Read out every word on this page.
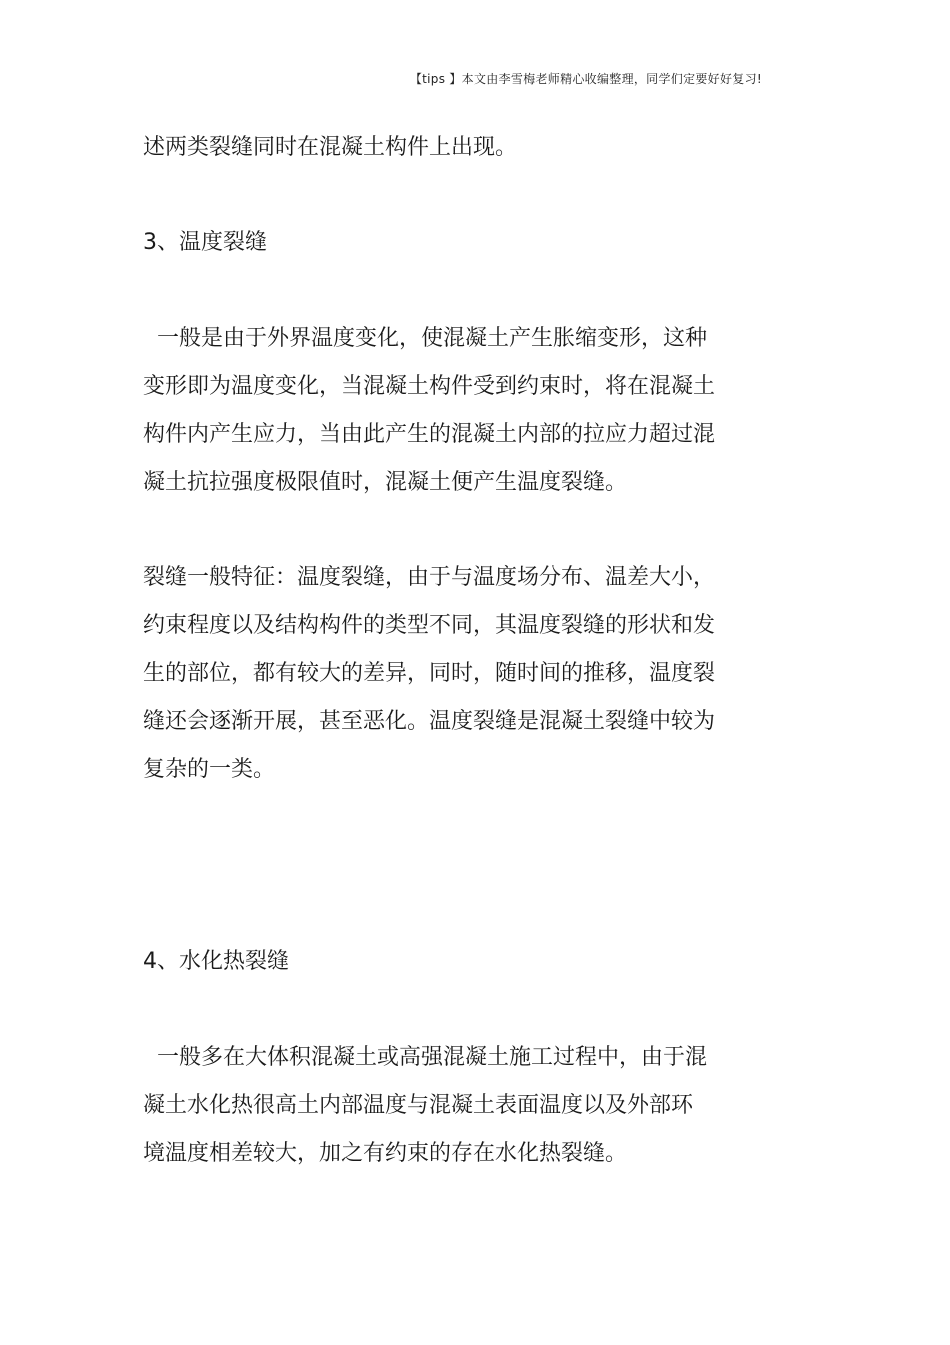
【tips 】本文由李雪梅老师精心收编整理，同学们定要好好复习!
述两类裂缝同时在混凝土构件上出现。
3、温度裂缝
一般是由于外界温度变化，使混凝土产生胀缩变形，这种
变形即为温度变化，当混凝土构件受到约束时，将在混凝土
构件内产生应力，当由此产生的混凝土内部的拉应力超过混
凝土抗拉强度极限值时，混凝土便产生温度裂缝。
裂缝一般特征：温度裂缝，由于与温度场分布、温差大小，
约束程度以及结构构件的类型不同，其温度裂缝的形状和发
生的部位，都有较大的差异，同时，随时间的推移，温度裂
缝还会逐渐开展，甚至恶化。温度裂缝是混凝土裂缝中较为
复杂的一类。
4、水化热裂缝
一般多在大体积混凝土或高强混凝土施工过程中，由于混
凝土水化热很高土内部温度与混凝土表面温度以及外部环
境温度相差较大，加之有约束的存在水化热裂缝。
